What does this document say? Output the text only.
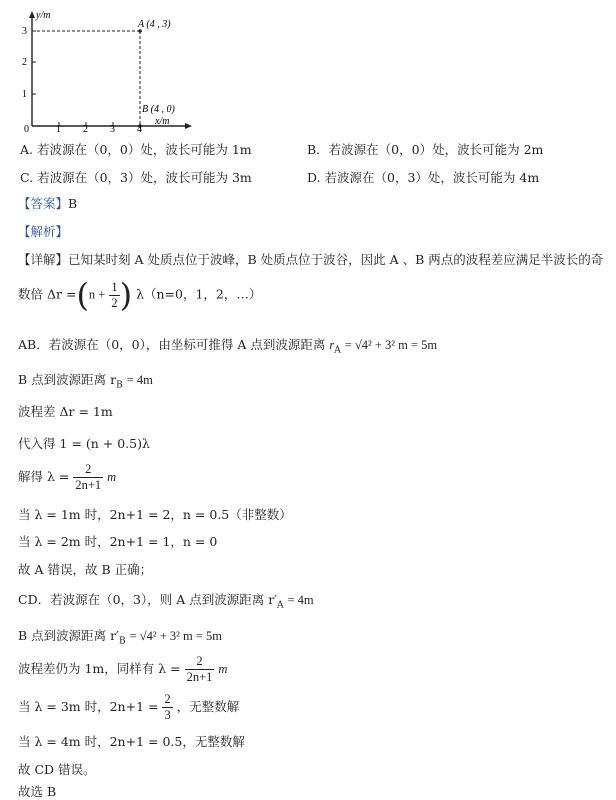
y/m
x/m
0	1 2 3 4
1
2
3
A (4 , 3)
B (4 , 0)
A. 若波源在（0，0）处，波长可能为 1m	B．若波源在（0，0）处，波长可能为 2m
C. 若波源在（0，3）处，波长可能为 3m	D. 若波源在（0，3）处，波长可能为 4m
【答案】B
【解析】
【详解】已知某时刻 A 处质点位于波峰，B 处质点位于波谷，因此 A 、B 两点的波程差应满足半波长的奇
数倍 $\Delta r =(n + \frac{1}{2}$ ) λ（n=0，1，2，…）
AB．若波源在（0，0），由坐标可推得 A 点到波源距离 $r_A = √4^2 + 3^2$ m = 5m
B 点到波源距离 $r_B = 4m$
波程差 Δr = 1m
代入得 1 = (n + 0.5)λ
解得 $\lambda = \frac{2}{2n+1}$ m
当 λ = 1m 时，2n+1 = 2，n = 0.5（非整数）
当 λ = 2m 时，2n+1 = 1，n = 0
故 A 错误，故 B 正确；
CD．若波源在（0，3），则 A 点到波源距离 $r'_A = 4m$
B 点到波源距离 $r'_B = √4^2 + 3^2$ m = 5m
波程差仍为 1m，同样有 $\lambda = \frac{2}{2n+1}$ m
当 λ = 3m 时，$2n+1 = \frac{2}{3}$ ，无整数解
当 λ = 4m 时，2n+1 = 0.5，无整数解
故 CD 错误。
故选 B
